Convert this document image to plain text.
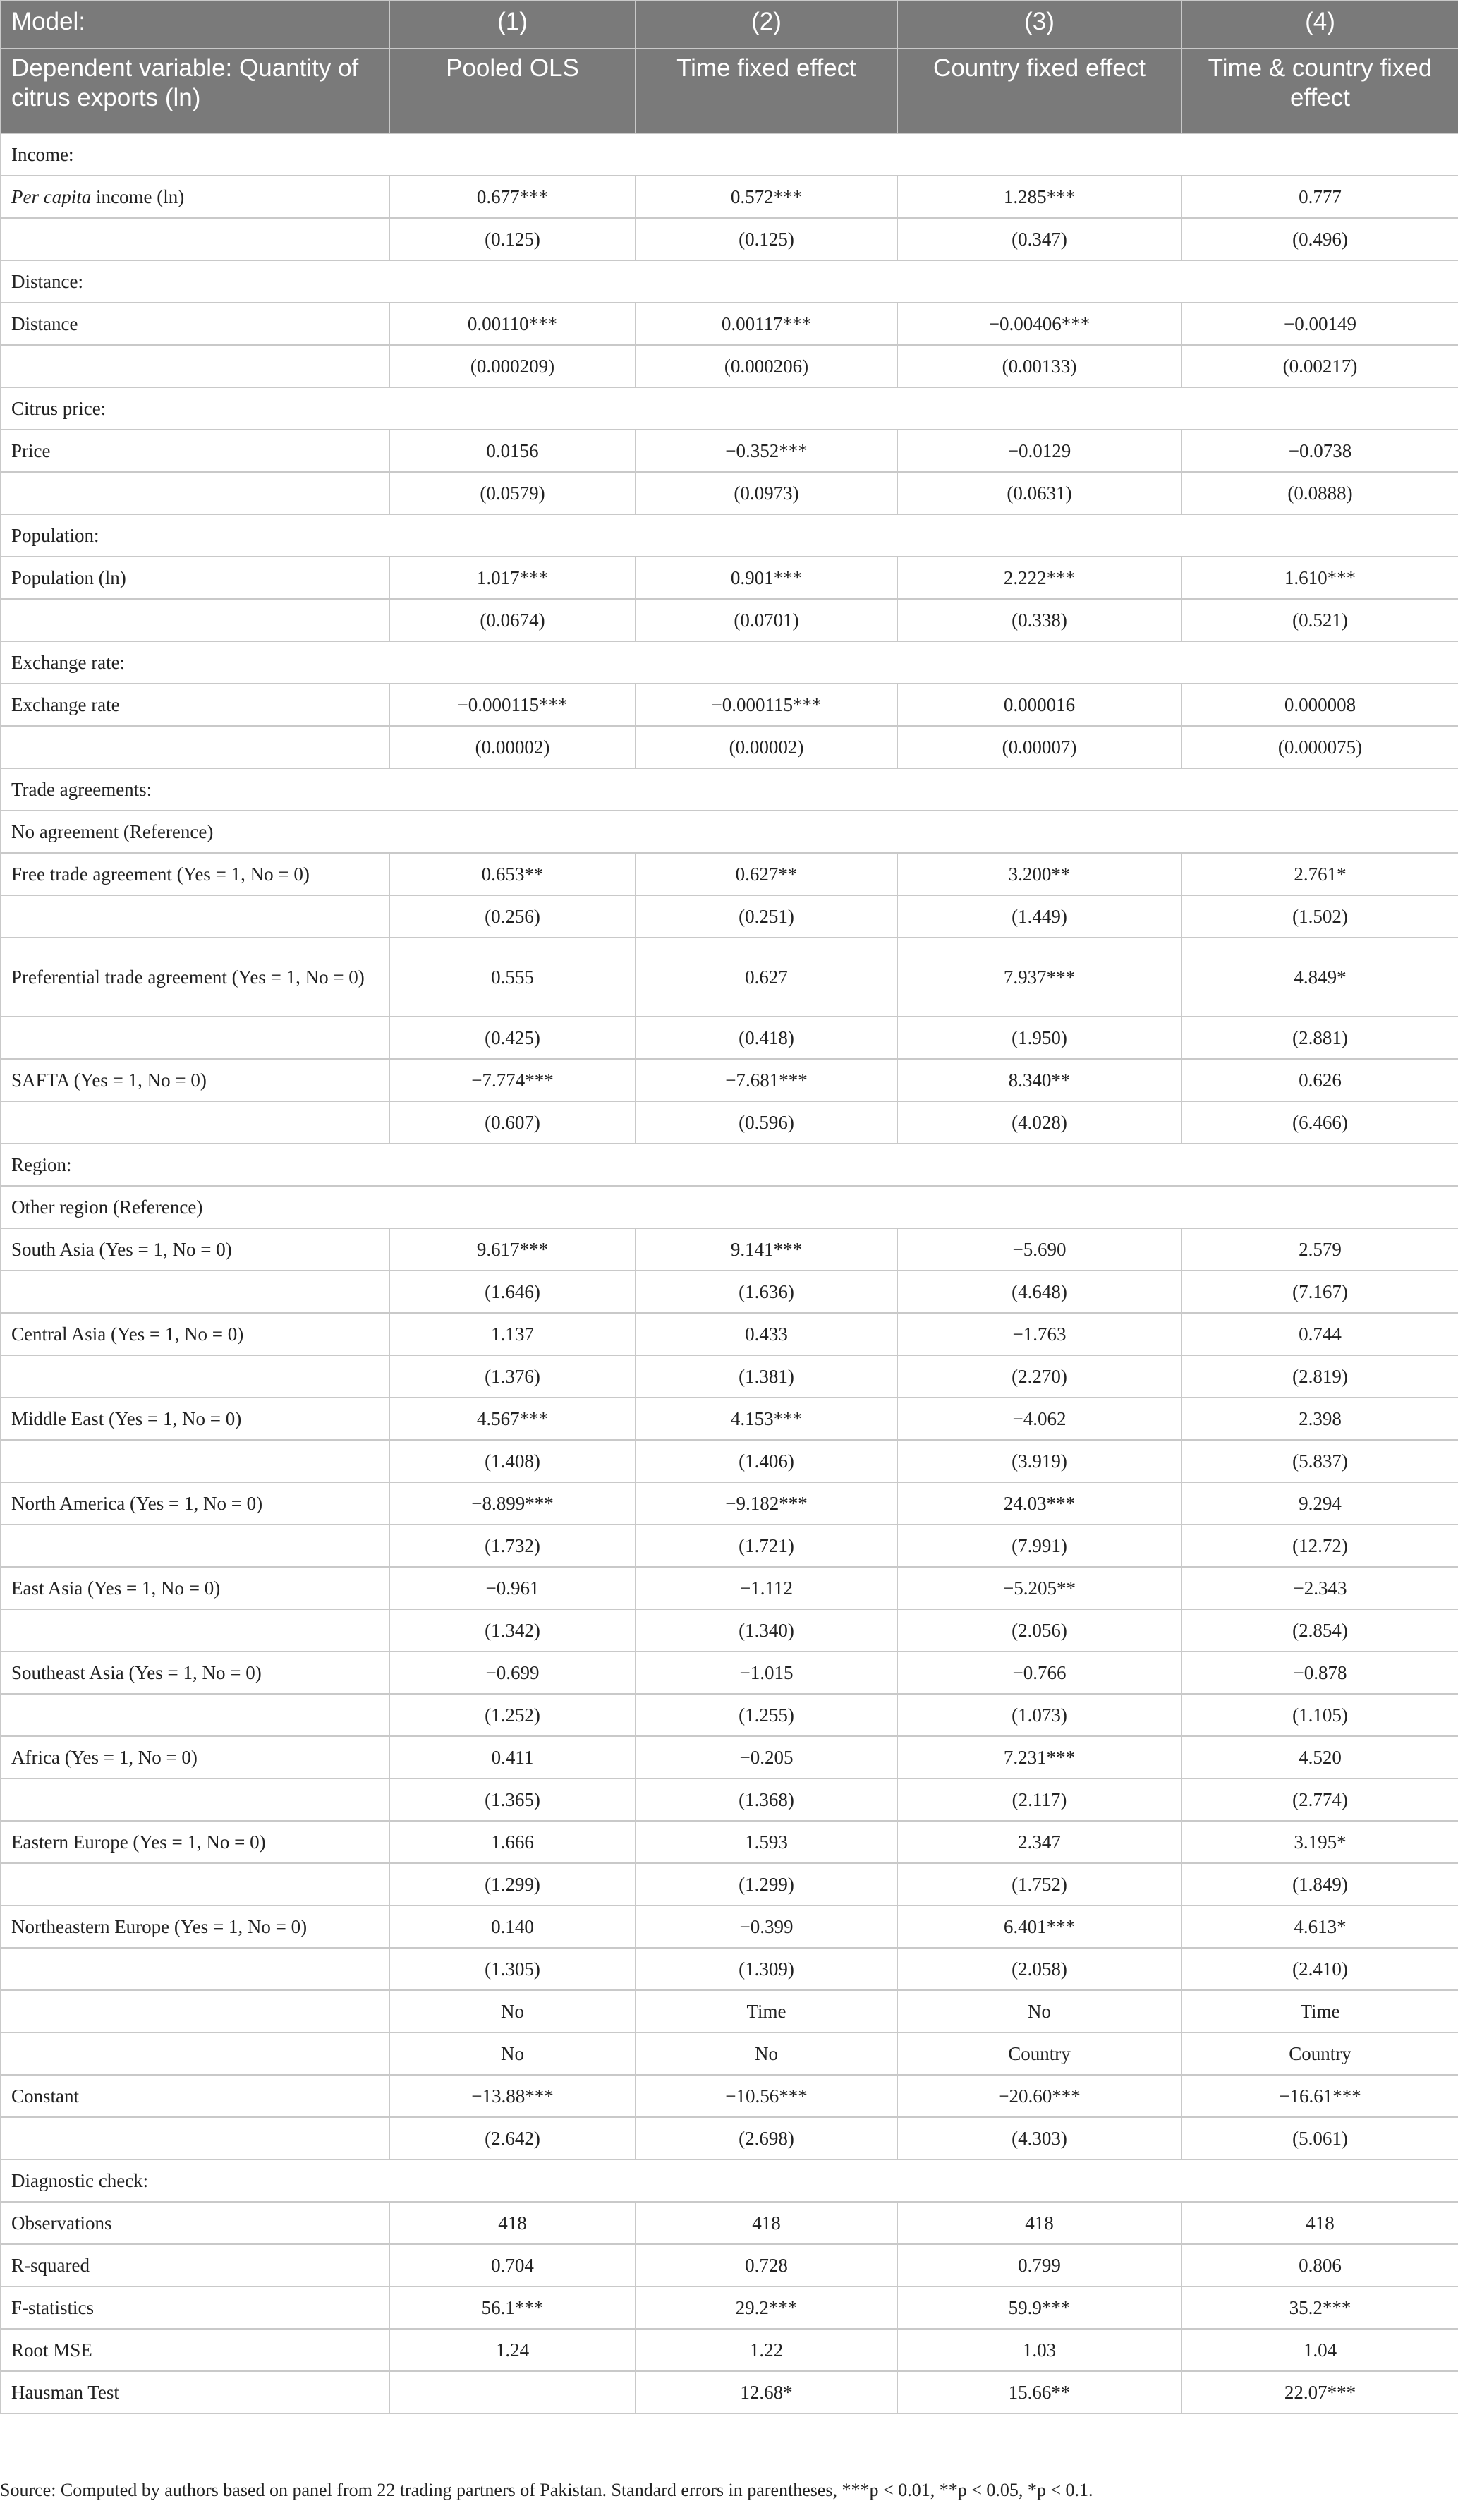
Model:	(1)	(2)	(3)	(4)
Dependent variable: Quantity of citrus exports (ln)	Pooled OLS	Time fixed effect	Country fixed effect	Time & country fixed effect
Income:				
Per capita income (ln)	0.677***	0.572***	1.285***	0.777
	(0.125)	(0.125)	(0.347)	(0.496)
Distance:				
Distance	0.00110***	0.00117***	−0.00406***	−0.00149
	(0.000209)	(0.000206)	(0.00133)	(0.00217)
Citrus price:				
Price	0.0156	−0.352***	−0.0129	−0.0738
	(0.0579)	(0.0973)	(0.0631)	(0.0888)
Population:				
Population (ln)	1.017***	0.901***	2.222***	1.610***
	(0.0674)	(0.0701)	(0.338)	(0.521)
Exchange rate:				
Exchange rate	−0.000115***	−0.000115***	0.000016	0.000008
	(0.00002)	(0.00002)	(0.00007)	(0.000075)
Trade agreements:				
No agreement (Reference)				
Free trade agreement (Yes = 1, No = 0)	0.653**	0.627**	3.200**	2.761*
	(0.256)	(0.251)	(1.449)	(1.502)
Preferential trade agreement (Yes = 1, No = 0)	0.555	0.627	7.937***	4.849*
	(0.425)	(0.418)	(1.950)	(2.881)
SAFTA (Yes = 1, No = 0)	−7.774***	−7.681***	8.340**	0.626
	(0.607)	(0.596)	(4.028)	(6.466)
Region:				
Other region (Reference)				
South Asia (Yes = 1, No = 0)	9.617***	9.141***	−5.690	2.579
	(1.646)	(1.636)	(4.648)	(7.167)
Central Asia (Yes = 1, No = 0)	1.137	0.433	−1.763	0.744
	(1.376)	(1.381)	(2.270)	(2.819)
Middle East (Yes = 1, No = 0)	4.567***	4.153***	−4.062	2.398
	(1.408)	(1.406)	(3.919)	(5.837)
North America (Yes = 1, No = 0)	−8.899***	−9.182***	24.03***	9.294
	(1.732)	(1.721)	(7.991)	(12.72)
East Asia (Yes = 1, No = 0)	−0.961	−1.112	−5.205**	−2.343
	(1.342)	(1.340)	(2.056)	(2.854)
Southeast Asia (Yes = 1, No = 0)	−0.699	−1.015	−0.766	−0.878
	(1.252)	(1.255)	(1.073)	(1.105)
Africa (Yes = 1, No = 0)	0.411	−0.205	7.231***	4.520
	(1.365)	(1.368)	(2.117)	(2.774)
Eastern Europe (Yes = 1, No = 0)	1.666	1.593	2.347	3.195*
	(1.299)	(1.299)	(1.752)	(1.849)
Northeastern Europe (Yes = 1, No = 0)	0.140	−0.399	6.401***	4.613*
	(1.305)	(1.309)	(2.058)	(2.410)
	No	Time	No	Time
	No	No	Country	Country
Constant	−13.88***	−10.56***	−20.60***	−16.61***
	(2.642)	(2.698)	(4.303)	(5.061)
Diagnostic check:				
Observations	418	418	418	418
R-squared	0.704	0.728	0.799	0.806
F-statistics	56.1***	29.2***	59.9***	35.2***
Root MSE	1.24	1.22	1.03	1.04
Hausman Test		12.68*	15.66**	22.07***
Source: Computed by authors based on panel from 22 trading partners of Pakistan. Standard errors in parentheses, ***p < 0.01, **p < 0.05, *p < 0.1.
